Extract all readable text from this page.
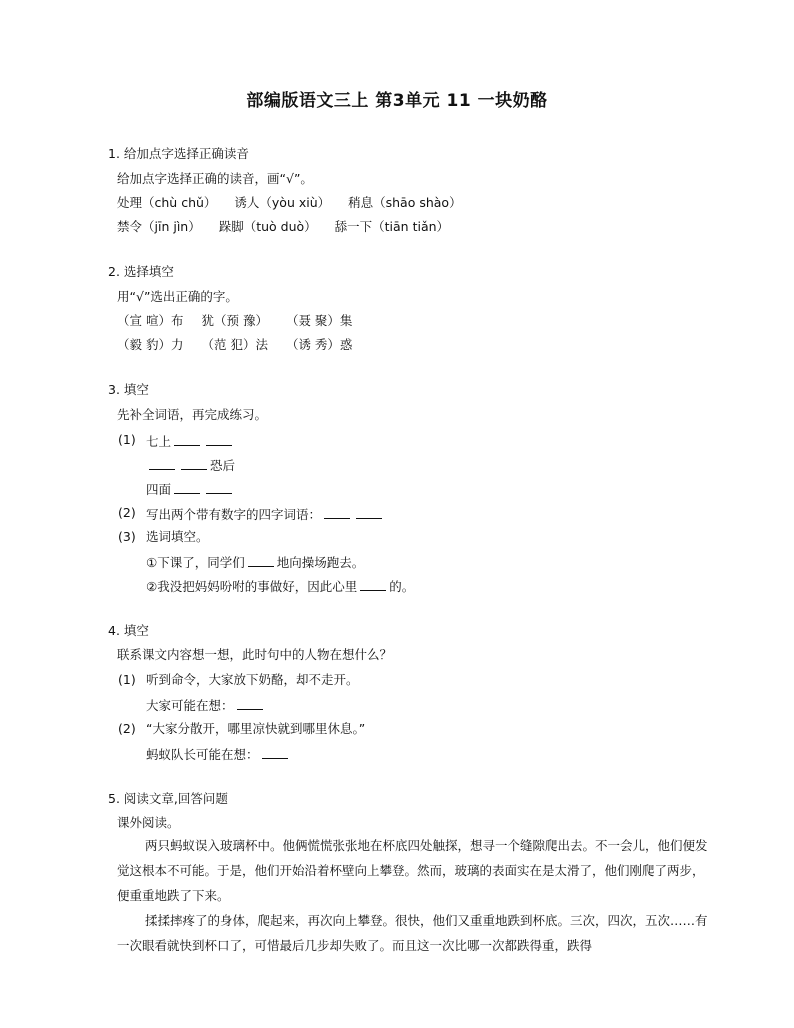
部编版语文三上 第3单元 11 一块奶酪
1. 给加点字选择正确读音
给加点字选择正确的读音，画“√”。
处理（chù chǔ） 诱人（yòu xiù） 稍息（shāo shào）
禁令（jīn jìn） 跺脚（tuò duò） 舔一下（tiān tiǎn）
2. 选择填空
用“√”选出正确的字。
（宣 喧）布 犹（预 豫） （聂 聚）集
（毅 豹）力 （范 犯）法 （诱 秀）惑
3. 填空
先补全词语，再完成练习。
(1) 七上
恐后
四面
(2) 写出两个带有数字的四字词语：
(3) 选词填空。
①下课了，同学们	地向操场跑去。
②我没把妈妈吩咐的事做好，因此心里	的。
4. 填空
联系课文内容想一想，此时句中的人物在想什么？
(1) 听到命令，大家放下奶酪，却不走开。
大家可能在想：
(2) “大家分散开，哪里凉快就到哪里休息。”
蚂蚁队长可能在想：
5. 阅读文章,回答问题
课外阅读。
两只蚂蚁误入玻璃杯中。他俩慌慌张张地在杯底四处触探，想寻一个缝隙爬出去。不一会儿，他们便发觉这根本不可能。于是，他们开始沿着杯壁向上攀登。然而，玻璃的表面实在是太滑了，他们刚爬了两步，便重重地跌了下来。
揉揉摔疼了的身体，爬起来，再次向上攀登。很快，他们又重重地跌到杯底。三次，四次，五次……有一次眼看就快到杯口了，可惜最后几步却失败了。而且这一次比哪一次都跌得重，跌得
